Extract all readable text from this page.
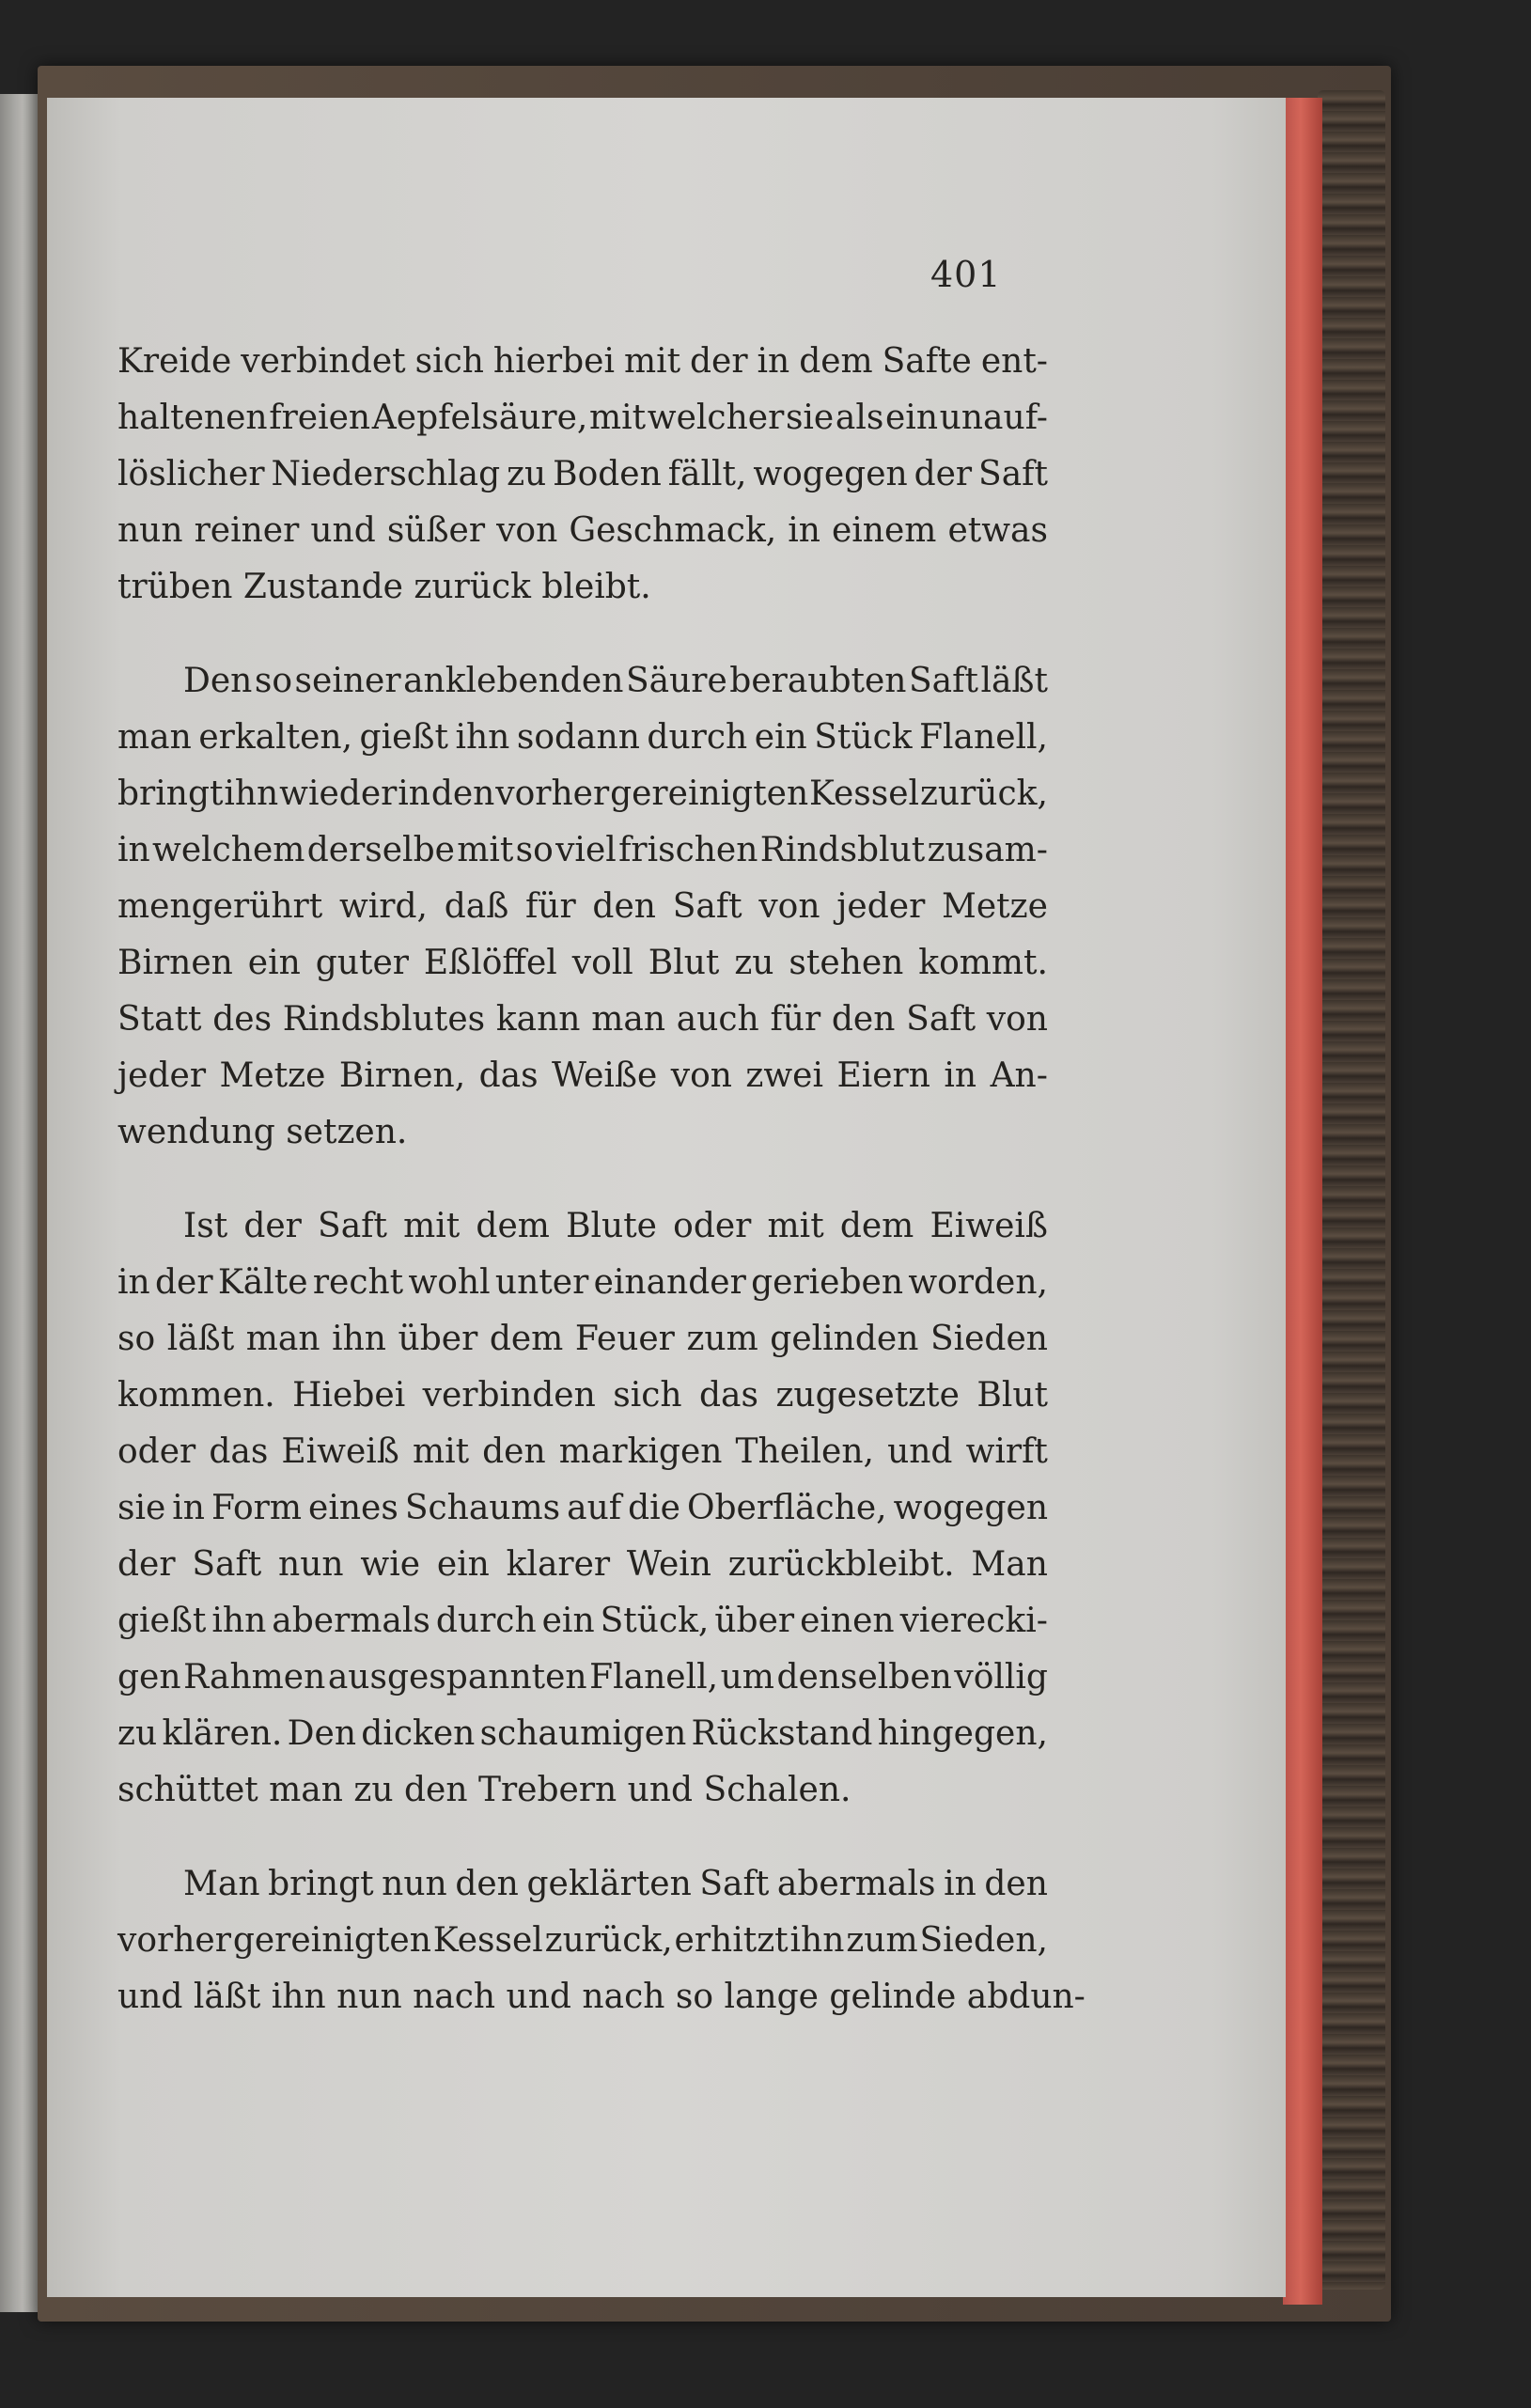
401
Kreide verbindet sich hierbei mit der in dem Safte ent-
haltenen freien Aepfelsäure, mit welcher sie als ein unauf-
löslicher Niederschlag zu Boden fällt, wogegen der Saft
nun reiner und süßer von Geschmack, in einem etwas
trüben Zustande zurück bleibt.
Den so seiner anklebenden Säure beraubten Saft läßt
man erkalten, gießt ihn sodann durch ein Stück Flanell,
bringt ihn wieder in den vorher gereinigten Kessel zurück,
in welchem derselbe mit so viel frischen Rindsblut zusam-
mengerührt wird, daß für den Saft von jeder Metze
Birnen ein guter Eßlöffel voll Blut zu stehen kommt.
Statt des Rindsblutes kann man auch für den Saft von
jeder Metze Birnen, das Weiße von zwei Eiern in An-
wendung setzen.
Ist der Saft mit dem Blute oder mit dem Eiweiß
in der Kälte recht wohl unter einander gerieben worden,
so läßt man ihn über dem Feuer zum gelinden Sieden
kommen. Hiebei verbinden sich das zugesetzte Blut
oder das Eiweiß mit den markigen Theilen, und wirft
sie in Form eines Schaums auf die Oberfläche, wogegen
der Saft nun wie ein klarer Wein zurückbleibt. Man
gießt ihn abermals durch ein Stück, über einen vierecki-
gen Rahmen ausgespannten Flanell, um denselben völlig
zu klären. Den dicken schaumigen Rückstand hingegen,
schüttet man zu den Trebern und Schalen.
Man bringt nun den geklärten Saft abermals in den
vorher gereinigten Kessel zurück, erhitzt ihn zum Sieden,
und läßt ihn nun nach und nach so lange gelinde abdun-
